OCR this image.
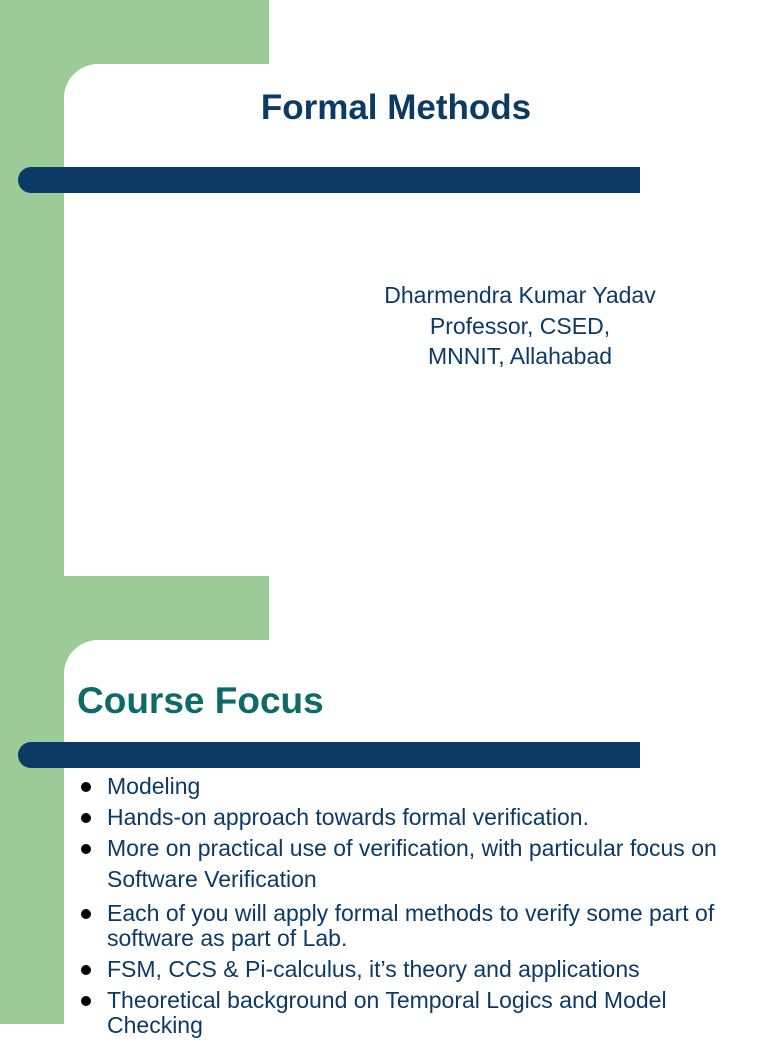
Formal Methods
Dharmendra Kumar Yadav
Professor, CSED,
MNNIT, Allahabad
Course Focus
Modeling
Hands-on approach towards formal verification.
More on practical use of verification, with particular focus on Software Verification
Each of you will apply formal methods to verify some part of software as part of Lab.
FSM, CCS & Pi-calculus, it’s theory and applications
Theoretical background on Temporal Logics and Model Checking
